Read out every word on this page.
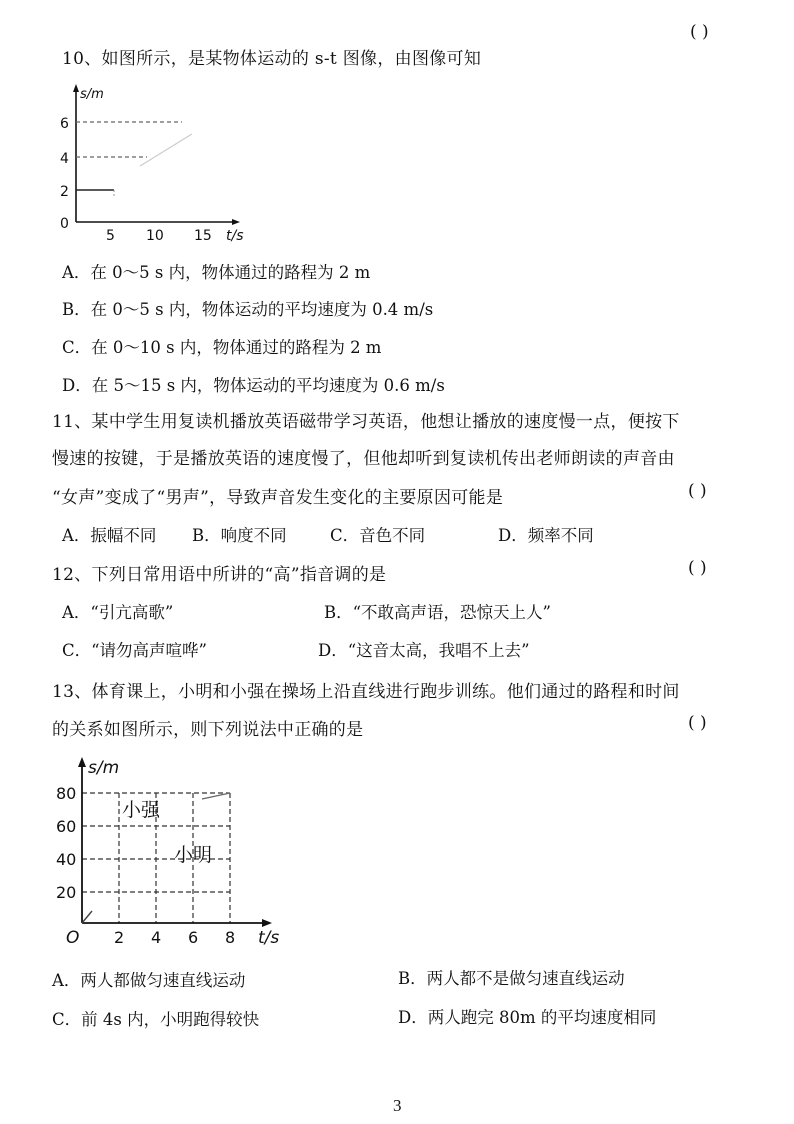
( )
10、如图所示，是某物体运动的 s-t 图像，由图像可知
s/m
6
4
2
0
5 10 15 t/s
A．在 0～5 s 内，物体通过的路程为 2 m
B．在 0～5 s 内，物体运动的平均速度为 0.4 m/s
C．在 0～10 s 内，物体通过的路程为 2 m
D．在 5～15 s 内，物体运动的平均速度为 0.6 m/s
11、某中学生用复读机播放英语磁带学习英语，他想让播放的速度慢一点，便按下
慢速的按键，于是播放英语的速度慢了，但他却听到复读机传出老师朗读的声音由
“女声”变成了“男声”，导致声音发生变化的主要原因可能是	( )
A．振幅不同 B．响度不同	C．音色不同	D．频率不同
12、下列日常用语中所讲的“高”指音调的是	( )
A．“引亢高歌”	B．“不敢高声语，恐惊天上人”
C．“请勿高声喧哗”	D．“这音太高，我唱不上去”
13、体育课上，小明和小强在操场上沿直线进行跑步训练。他们通过的路程和时间
的关系如图所示，则下列说法中正确的是	( )
s/m
80
60
40
20
O 2 4 6 8 t/s
小强
小明
A．两人都做匀速直线运动	B．两人都不是做匀速直线运动
C．前 4s 内，小明跑得较快	D．两人跑完 80m 的平均速度相同
3
